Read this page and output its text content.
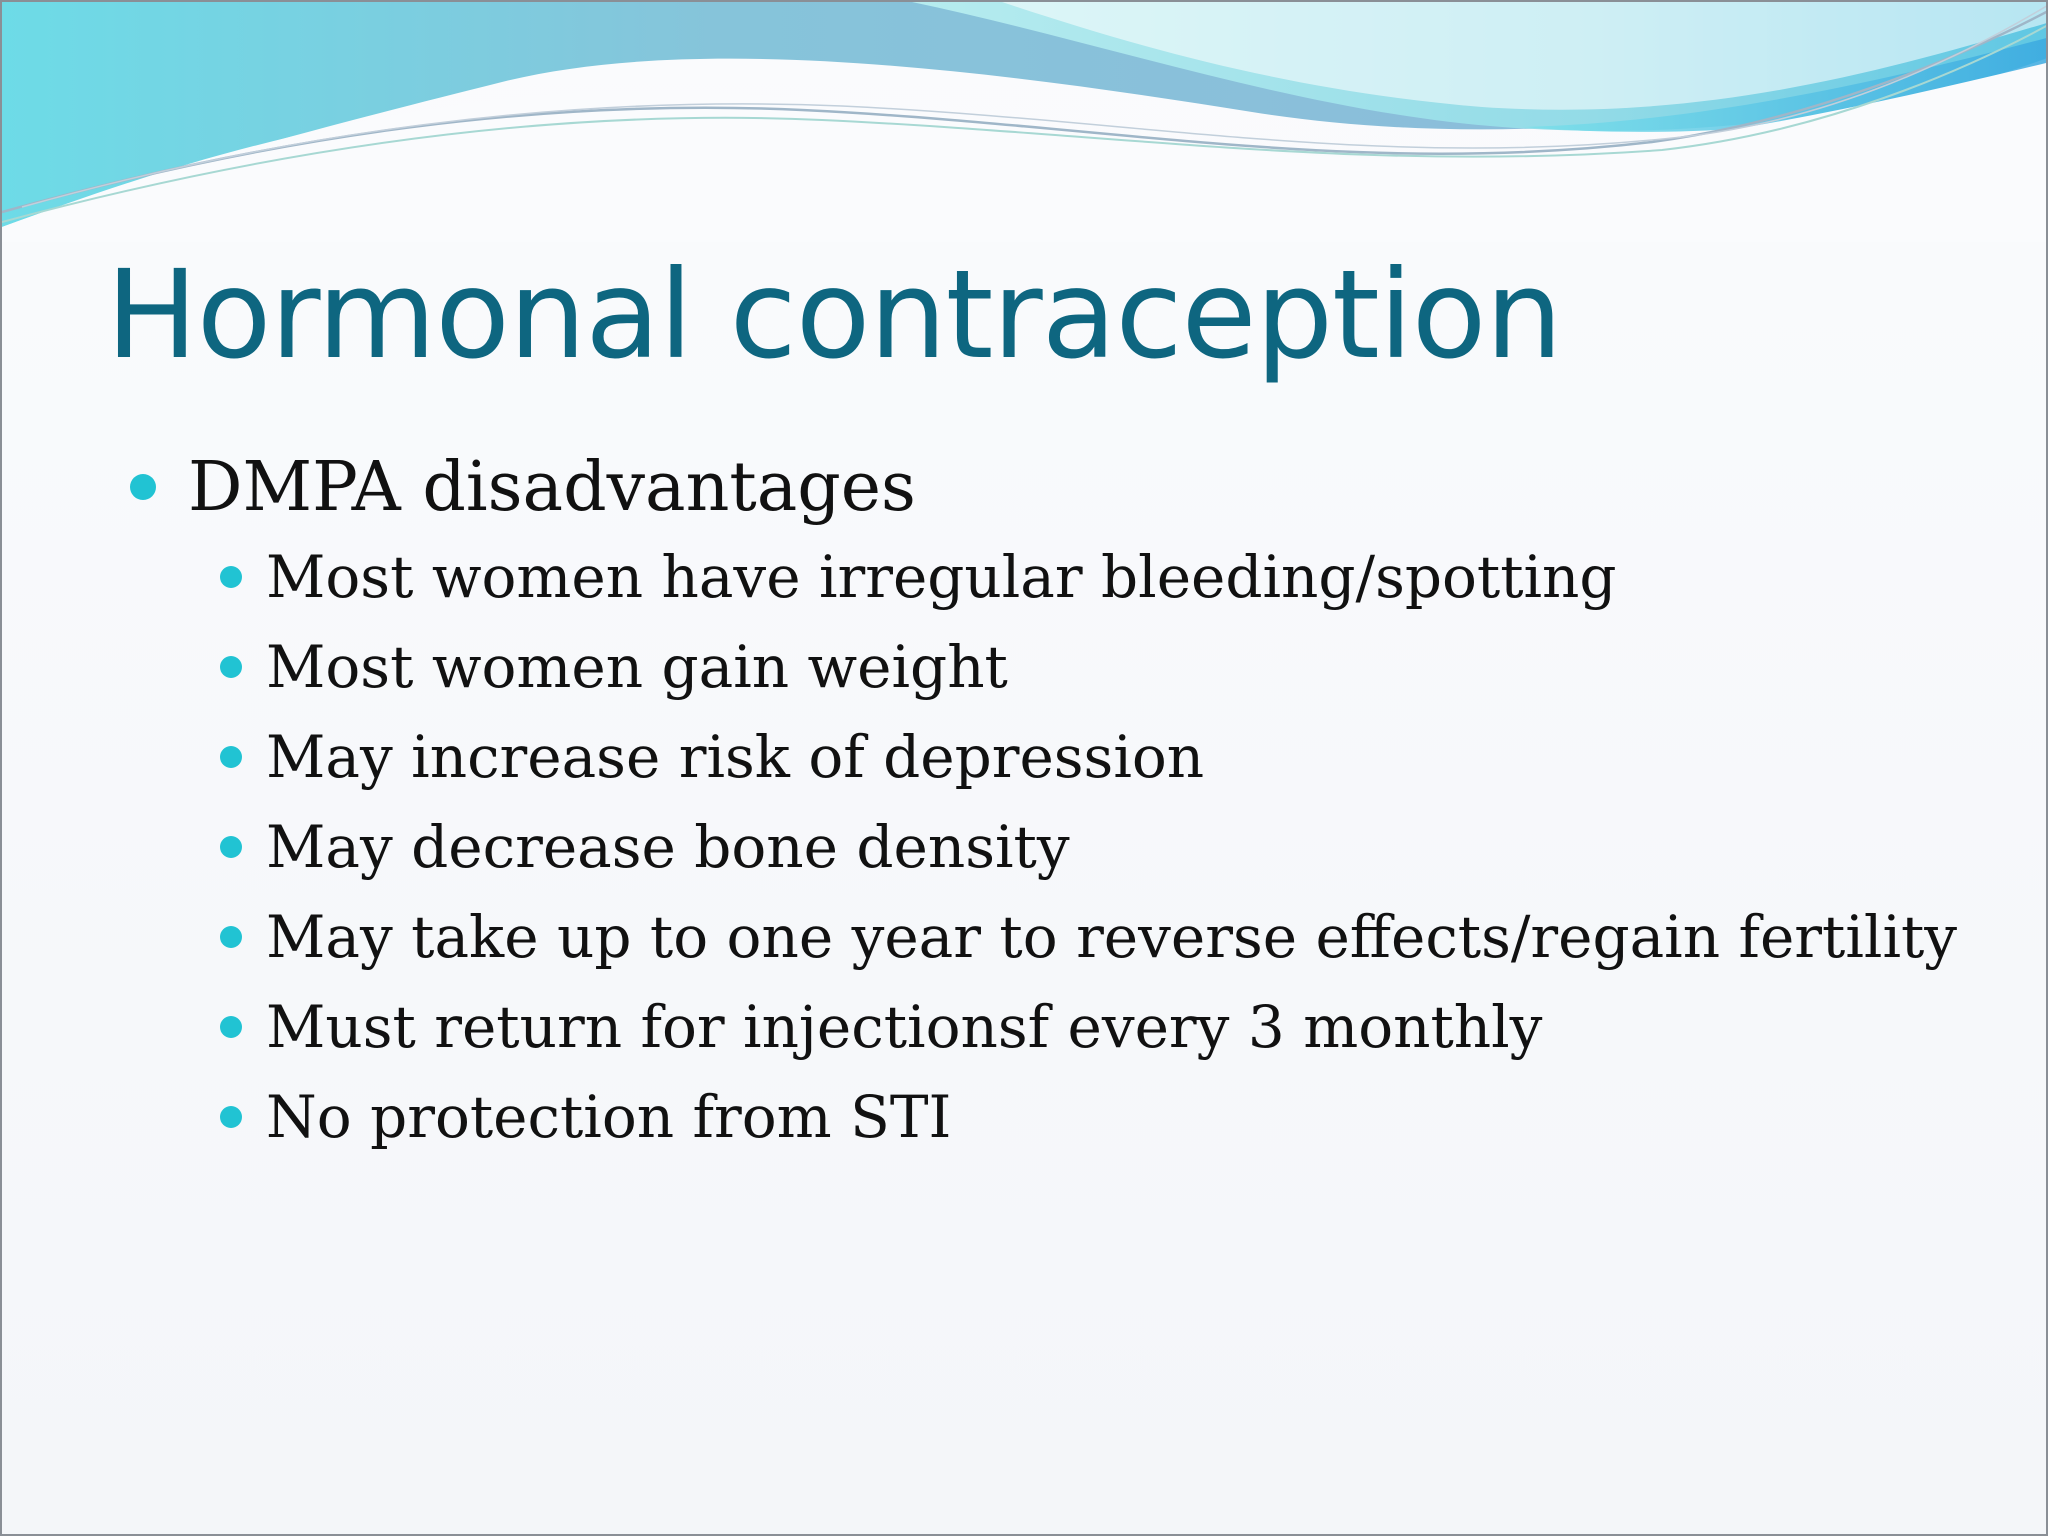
Hormonal contraception
DMPA disadvantages
Most women have irregular bleeding/spotting
Most women gain weight
May increase risk of depression
May decrease bone density
May take up to one year to reverse effects/regain fertility
Must return for injectionsf every 3 monthly
No protection from STI
